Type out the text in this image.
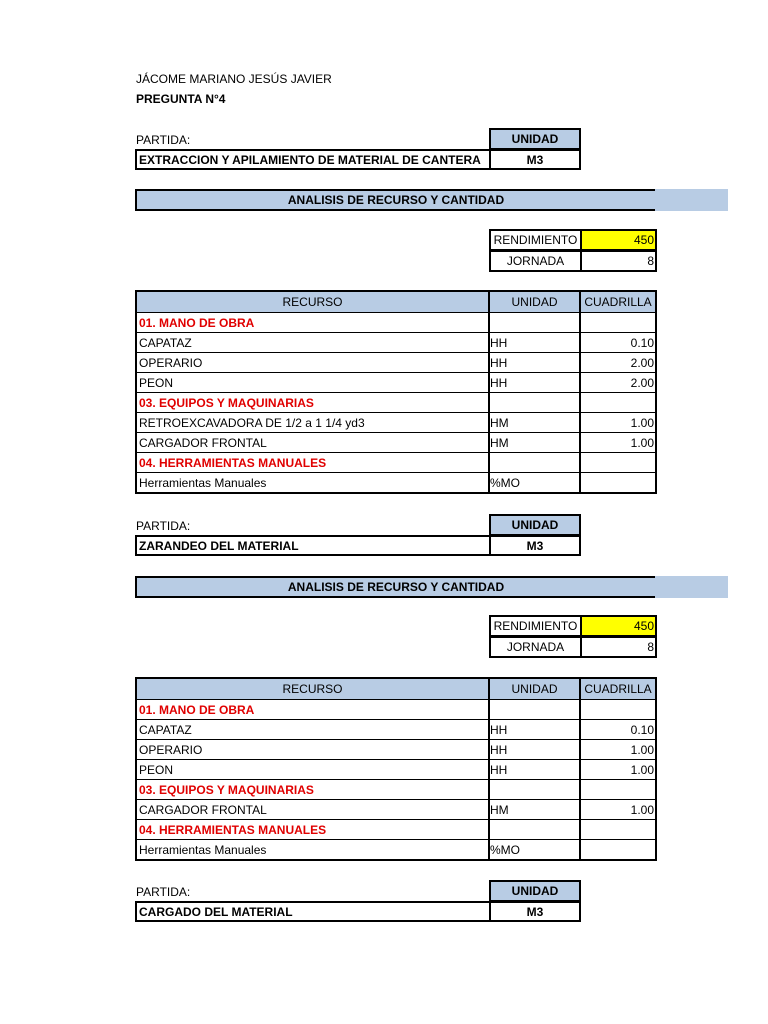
JÁCOME MARIANO JESÚS JAVIER
PREGUNTA N°4
PARTIDA:	UNIDAD
EXTRACCION Y APILAMIENTO DE MATERIAL DE CANTERA	M3
ANALISIS DE RECURSO Y CANTIDAD
RENDIMIENTO	450
JORNADA	8
RECURSO	UNIDAD	CUADRILLA
01. MANO DE OBRA
CAPATAZ	HH	0.10
OPERARIO	HH	2.00
PEON	HH	2.00
03. EQUIPOS Y MAQUINARIAS
RETROEXCAVADORA DE 1/2 a 1 1/4 yd3	HM	1.00
CARGADOR FRONTAL	HM	1.00
04. HERRAMIENTAS MANUALES
Herramientas Manuales	%MO
PARTIDA:	UNIDAD
ZARANDEO DEL MATERIAL	M3
ANALISIS DE RECURSO Y CANTIDAD
RENDIMIENTO	450
JORNADA	8
RECURSO	UNIDAD	CUADRILLA
01. MANO DE OBRA
CAPATAZ	HH	0.10
OPERARIO	HH	1.00
PEON	HH	1.00
03. EQUIPOS Y MAQUINARIAS
CARGADOR FRONTAL	HM	1.00
04. HERRAMIENTAS MANUALES
Herramientas Manuales	%MO
PARTIDA:	UNIDAD
CARGADO DEL MATERIAL	M3
